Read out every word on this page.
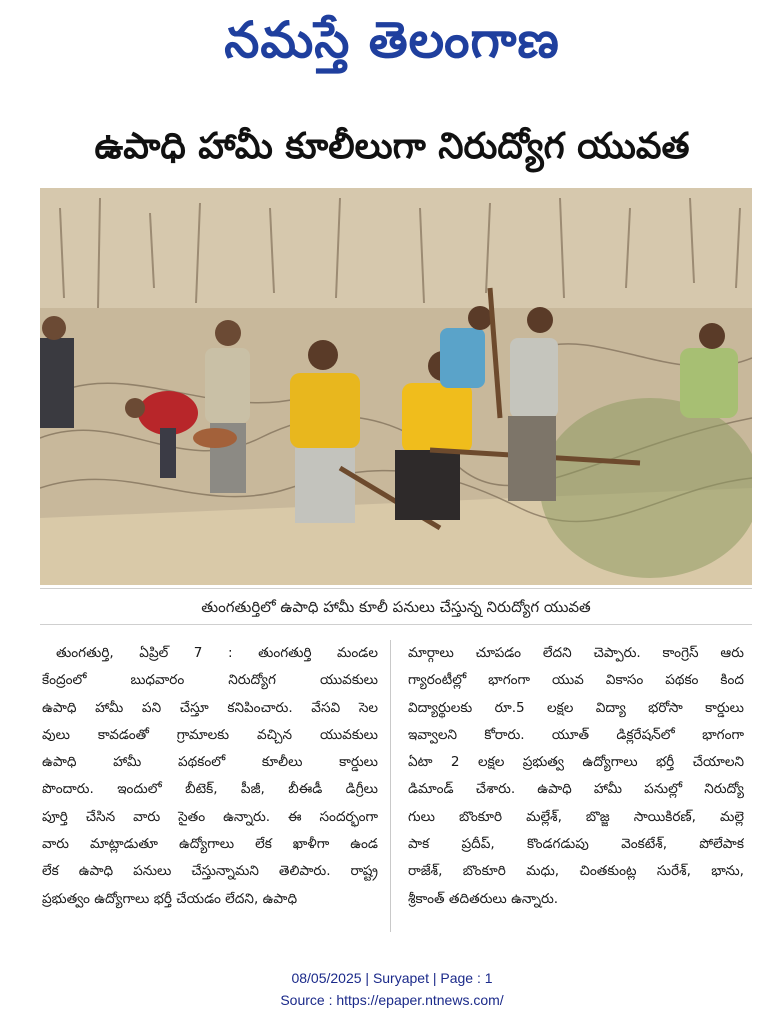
నమస్తే తెలంగాణ
ఉపాధి హామీ కూలీలుగా నిరుద్యోగ యువత
తుంగతుర్తిలో ఉపాధి హామీ కూలీ పనులు చేస్తున్న నిరుద్యోగ యువత
తుంగతుర్తి, ఏప్రిల్ 7 : తుంగతుర్తి మండల
కేంద్రంలో బుధవారం నిరుద్యోగ యువకులు
ఉపాధి హామీ పని చేస్తూ కనిపించారు. వేసవి సెల
వులు కావడంతో గ్రామాలకు వచ్చిన యువకులు
ఉపాధి హామీ పథకంలో కూలీలు కార్డులు
పొందారు. ఇందులో బీటెక్, పీజీ, బీఈడీ డిగ్రీలు
పూర్తి చేసిన వారు సైతం ఉన్నారు. ఈ సందర్భంగా
వారు మాట్లాడుతూ ఉద్యోగాలు లేక ఖాళీగా ఉండ
లేక ఉపాధి పనులు చేస్తున్నామని తెలిపారు. రాష్ట్ర
ప్రభుత్వం ఉద్యోగాలు భర్తీ చేయడం లేదని, ఉపాధి
మార్గాలు చూపడం లేదని చెప్పారు. కాంగ్రెస్ ఆరు
గ్యారంటీల్లో భాగంగా యువ వికాసం పథకం కింద
విద్యార్థులకు రూ.5 లక్షల విద్యా భరోసా కార్డులు
ఇవ్వాలని కోరారు. యూత్ డిక్లరేషన్‌లో భాగంగా
ఏటా 2 లక్షల ప్రభుత్వ ఉద్యోగాలు భర్తీ చేయాలని
డిమాండ్ చేశారు. ఉపాధి హామీ పనుల్లో నిరుద్యో
గులు బొంకూరి మల్లేశ్, బొజ్జ సాయికిరణ్, మల్లె
పాక ప్రదీప్, కొండగడుపు వెంకటేశ్, పోలేపాక
రాజేశ్, బొంకూరి మధు, చింతకుంట్ల సురేశ్, భాను,
శ్రీకాంత్ తదితరులు ఉన్నారు.
08/05/2025 | Suryapet | Page : 1
Source : https://epaper.ntnews.com/
